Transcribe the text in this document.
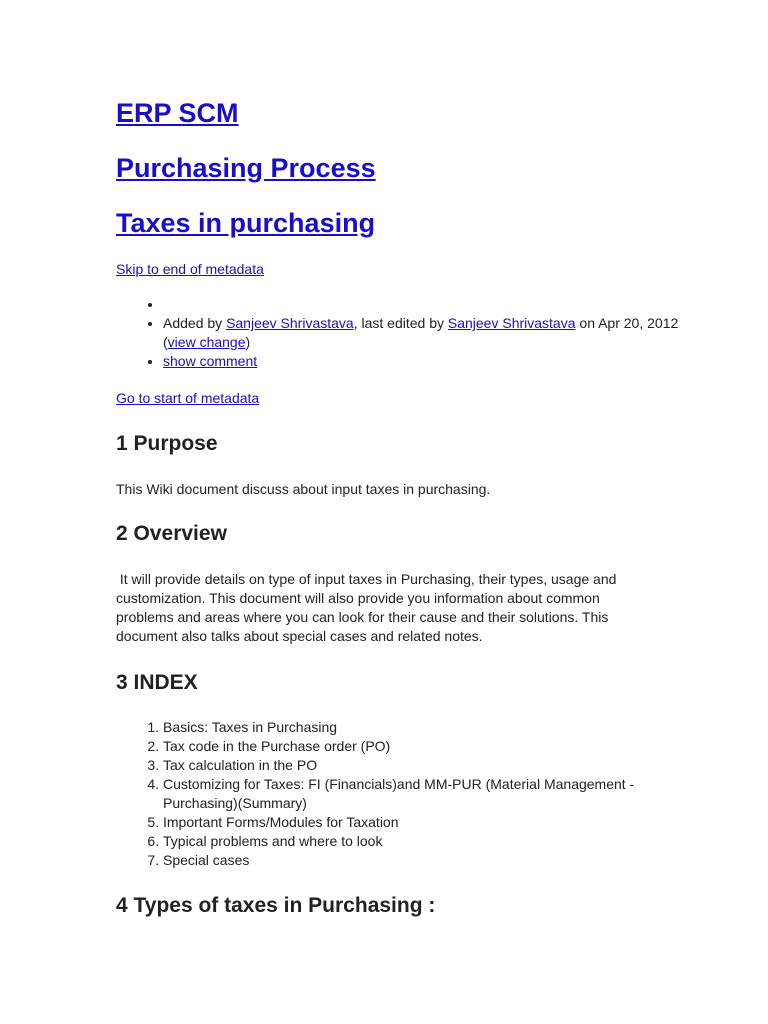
ERP SCM
Purchasing Process
Taxes in purchasing
Skip to end of metadata
•
• Added by Sanjeev Shrivastava, last edited by Sanjeev Shrivastava on Apr 20, 2012 (view change)
• show comment
Go to start of metadata
1 Purpose

This Wiki document discuss about input taxes in purchasing.

2 Overview

It will provide details on type of input taxes in Purchasing, their types, usage and customization. This document will also provide you information about common problems and areas where you can look for their cause and their solutions. This document also talks about special cases and related notes.

3 INDEX
1. Basics: Taxes in Purchasing
2. Tax code in the Purchase order (PO)
3. Tax calculation in the PO
4. Customizing for Taxes: FI (Financials)and MM-PUR (Material Management - Purchasing)(Summary)
5. Important Forms/Modules for Taxation
6. Typical problems and where to look
7. Special cases
4 Types of taxes in Purchasing :
